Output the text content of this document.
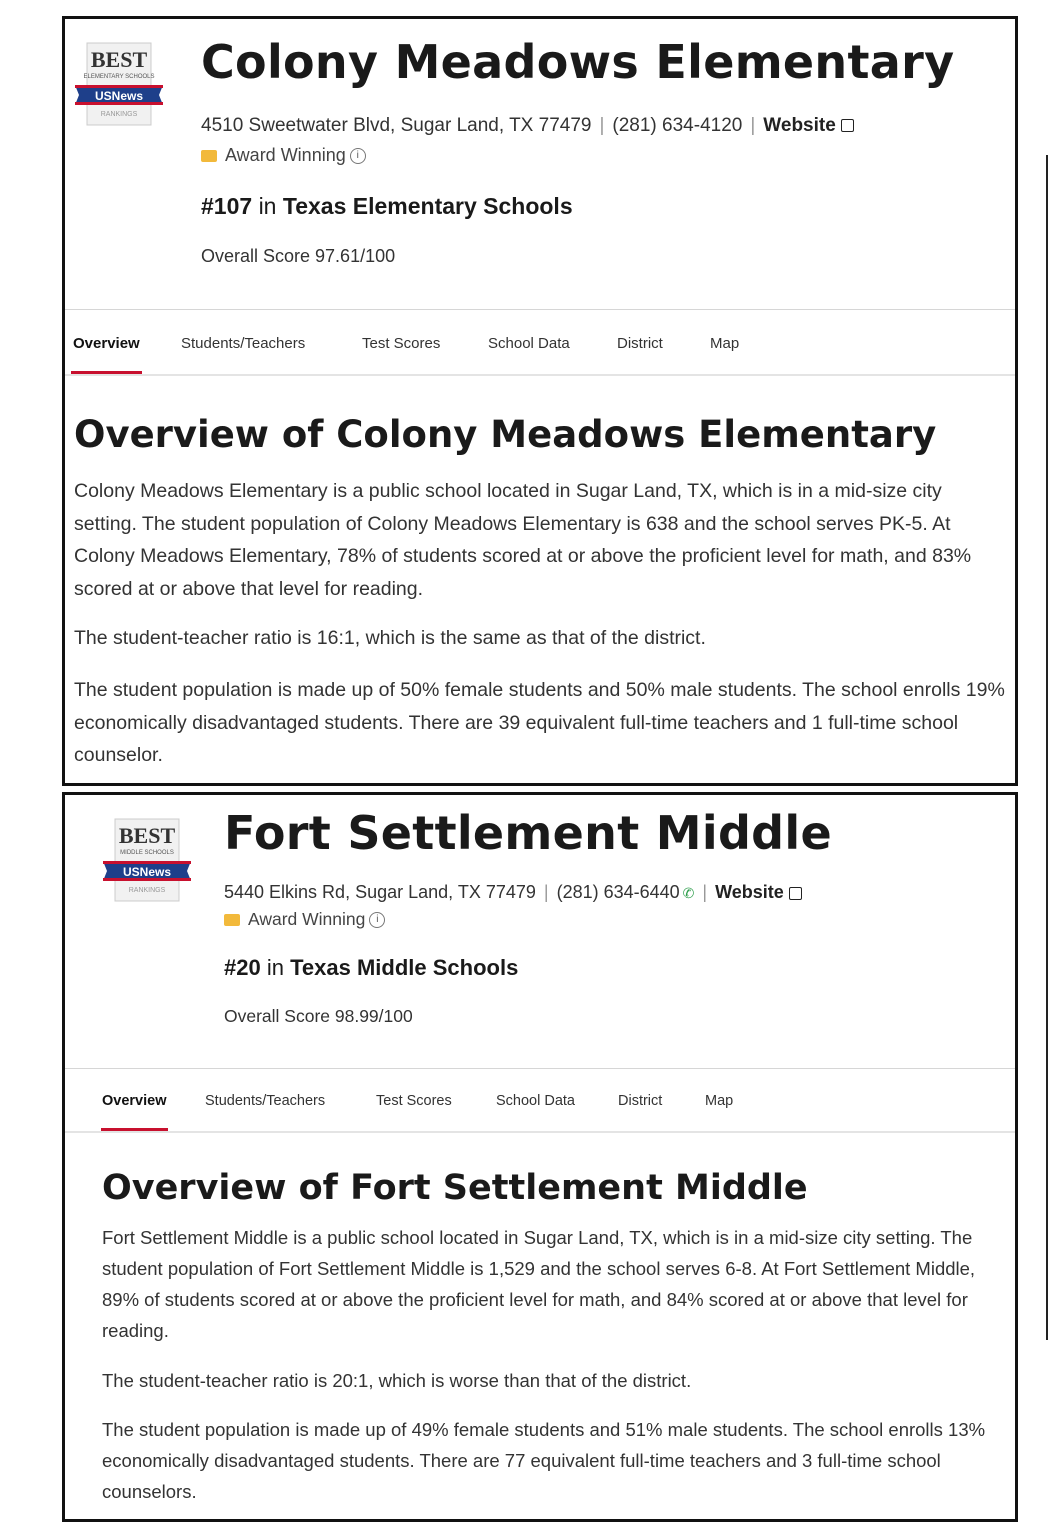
BEST
ELEMENTARY SCHOOLS
USNews
RANKINGS
Colony Meadows Elementary
4510 Sweetwater Blvd, Sugar Land, TX 77479 | (281) 634-4120 | Website
Award Winning i
#107 in Texas Elementary Schools
Overall Score 97.61/100
Overview	Students/Teachers	Test Scores	School Data	District	Map
Overview of Colony Meadows Elementary

Colony Meadows Elementary is a public school located in Sugar Land, TX, which is in a mid-size city setting. The student population of Colony Meadows Elementary is 638 and the school serves PK-5. At Colony Meadows Elementary, 78% of students scored at or above the proficient level for math, and 83% scored at or above that level for reading.

The student-teacher ratio is 16:1, which is the same as that of the district.

The student population is made up of 50% female students and 50% male students. The school enrolls 19% economically disadvantaged students. There are 39 equivalent full-time teachers and 1 full-time school counselor.

BEST
MIDDLE SCHOOLS
USNews
RANKINGS
Fort Settlement Middle
5440 Elkins Rd, Sugar Land, TX 77479 | (281) 634-6440 ✆ | Website
Award Winning i
#20 in Texas Middle Schools
Overall Score 98.99/100
Overview	Students/Teachers	Test Scores	School Data	District	Map
Overview of Fort Settlement Middle

Fort Settlement Middle is a public school located in Sugar Land, TX, which is in a mid-size city setting. The student population of Fort Settlement Middle is 1,529 and the school serves 6-8. At Fort Settlement Middle, 89% of students scored at or above the proficient level for math, and 84% scored at or above that level for reading.

The student-teacher ratio is 20:1, which is worse than that of the district.

The student population is made up of 49% female students and 51% male students. The school enrolls 13% economically disadvantaged students. There are 77 equivalent full-time teachers and 3 full-time school counselors.
